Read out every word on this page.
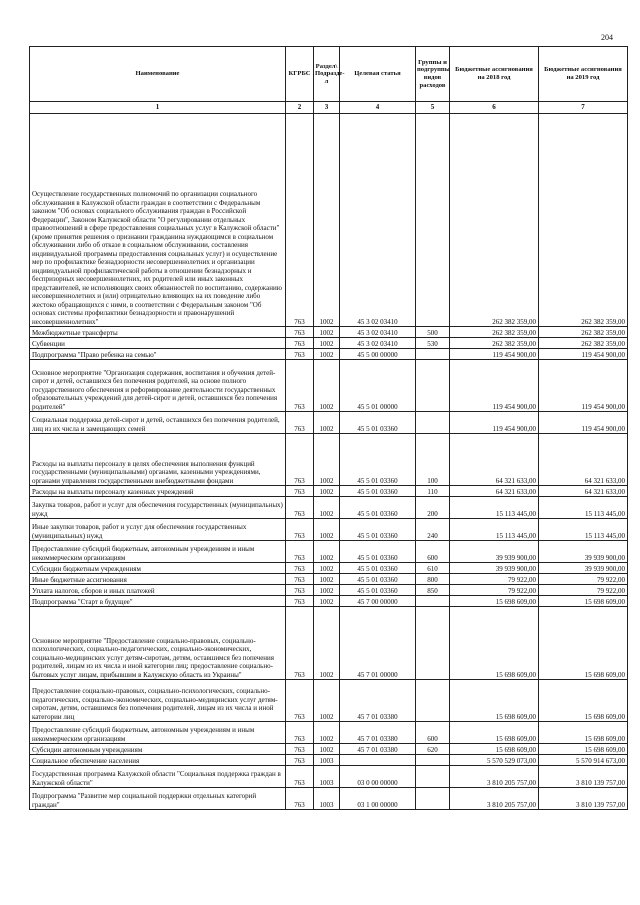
204
Наименование	КГРБС	Раздел\ Подразде- л	Целевая статья	Группы и подгруппы видов расходов	Бюджетные ассигнования на 2018 год	Бюджетные ассигнования на 2019 год
1	2	3	4	5	6	7
Осуществление государственных полномочий по организации социального обслуживания в Калужской области граждан в соответствии с Федеральным законом "Об основах социального обслуживания граждан в Российской Федерации", Законом Калужской области "О регулировании отдельных правоотношений в сфере предоставления социальных услуг в Калужской области" (кроме принятия решения о признании гражданина нуждающимся в социальном обслуживании либо об отказе в социальном обслуживании, составления индивидуальной программы предоставления социальных услуг) и осуществление мер по профилактике безнадзорности несовершеннолетних и организации индивидуальной профилактической работы в отношении безнадзорных и беспризорных несовершеннолетних, их родителей или иных законных представителей, не исполняющих своих обязанностей по воспитанию, содержанию несовершеннолетних и (или) отрицательно влияющих на их поведение либо жестоко обращающихся с ними, в соответствии с Федеральным законом "Об основах системы профилактики безнадзорности и правонарушений несовершеннолетних"	763	1002	45 3 02 03410		262 382 359,00	262 382 359,00
Межбюджетные трансферты	763	1002	45 3 02 03410	500	262 382 359,00	262 382 359,00
Субвенции	763	1002	45 3 02 03410	530	262 382 359,00	262 382 359,00
Подпрограмма "Право ребенка на семью"	763	1002	45 5 00 00000		119 454 900,00	119 454 900,00
Основное мероприятие "Организация содержания, воспитания и обучения детей-сирот и детей, оставшихся без попечения родителей, на основе полного государственного обеспечения и реформирование деятельности государственных образовательных учреждений для детей-сирот и детей, оставшихся без попечения родителей"	763	1002	45 5 01 00000		119 454 900,00	119 454 900,00
Социальная поддержка детей-сирот и детей, оставшихся без попечения родителей, лиц из их числа и замещающих семей	763	1002	45 5 01 03360		119 454 900,00	119 454 900,00
Расходы на выплаты персоналу в целях обеспечения выполнения функций государственными (муниципальными) органами, казенными учреждениями, органами управления государственными внебюджетными фондами	763	1002	45 5 01 03360	100	64 321 633,00	64 321 633,00
Расходы на выплаты персоналу казенных учреждений	763	1002	45 5 01 03360	110	64 321 633,00	64 321 633,00
Закупка товаров, работ и услуг для обеспечения государственных (муниципальных) нужд	763	1002	45 5 01 03360	200	15 113 445,00	15 113 445,00
Иные закупки товаров, работ и услуг для обеспечения государственных (муниципальных) нужд	763	1002	45 5 01 03360	240	15 113 445,00	15 113 445,00
Предоставление субсидий бюджетным, автономным учреждениям и иным некоммерческим организациям	763	1002	45 5 01 03360	600	39 939 900,00	39 939 900,00
Субсидии бюджетным учреждениям	763	1002	45 5 01 03360	610	39 939 900,00	39 939 900,00
Иные бюджетные ассигнования	763	1002	45 5 01 03360	800	79 922,00	79 922,00
Уплата налогов, сборов и иных платежей	763	1002	45 5 01 03360	850	79 922,00	79 922,00
Подпрограмма "Старт в будущее"	763	1002	45 7 00 00000		15 698 609,00	15 698 609,00
Основное мероприятие "Предоставление социально-правовых, социально-психологических, социально-педагогических, социально-экономических, социально-медицинских услуг детям-сиротам, детям, оставшимся без попечения родителей, лицам из их числа и иной категории лиц; предоставление социально-бытовых услуг лицам, прибывшим в Калужскую область из Украины"	763	1002	45 7 01 00000		15 698 609,00	15 698 609,00
Предоставление социально-правовых, социально-психологических, социально-педагогических, социально-экономических, социально-медицинских услуг детям-сиротам, детям, оставшимся без попечения родителей, лицам из их числа и иной категории лиц	763	1002	45 7 01 03380		15 698 609,00	15 698 609,00
Предоставление субсидий бюджетным, автономным учреждениям и иным некоммерческим организациям	763	1002	45 7 01 03380	600	15 698 609,00	15 698 609,00
Субсидии автономным учреждениям	763	1002	45 7 01 03380	620	15 698 609,00	15 698 609,00
Социальное обеспечение населения	763	1003			5 570 529 073,00	5 570 914 673,00
Государственная программа Калужской области "Социальная поддержка граждан в Калужской области"	763	1003	03 0 00 00000		3 810 205 757,00	3 810 139 757,00
Подпрограмма "Развитие мер социальной поддержки отдельных категорий граждан"	763	1003	03 1 00 00000		3 810 205 757,00	3 810 139 757,00
